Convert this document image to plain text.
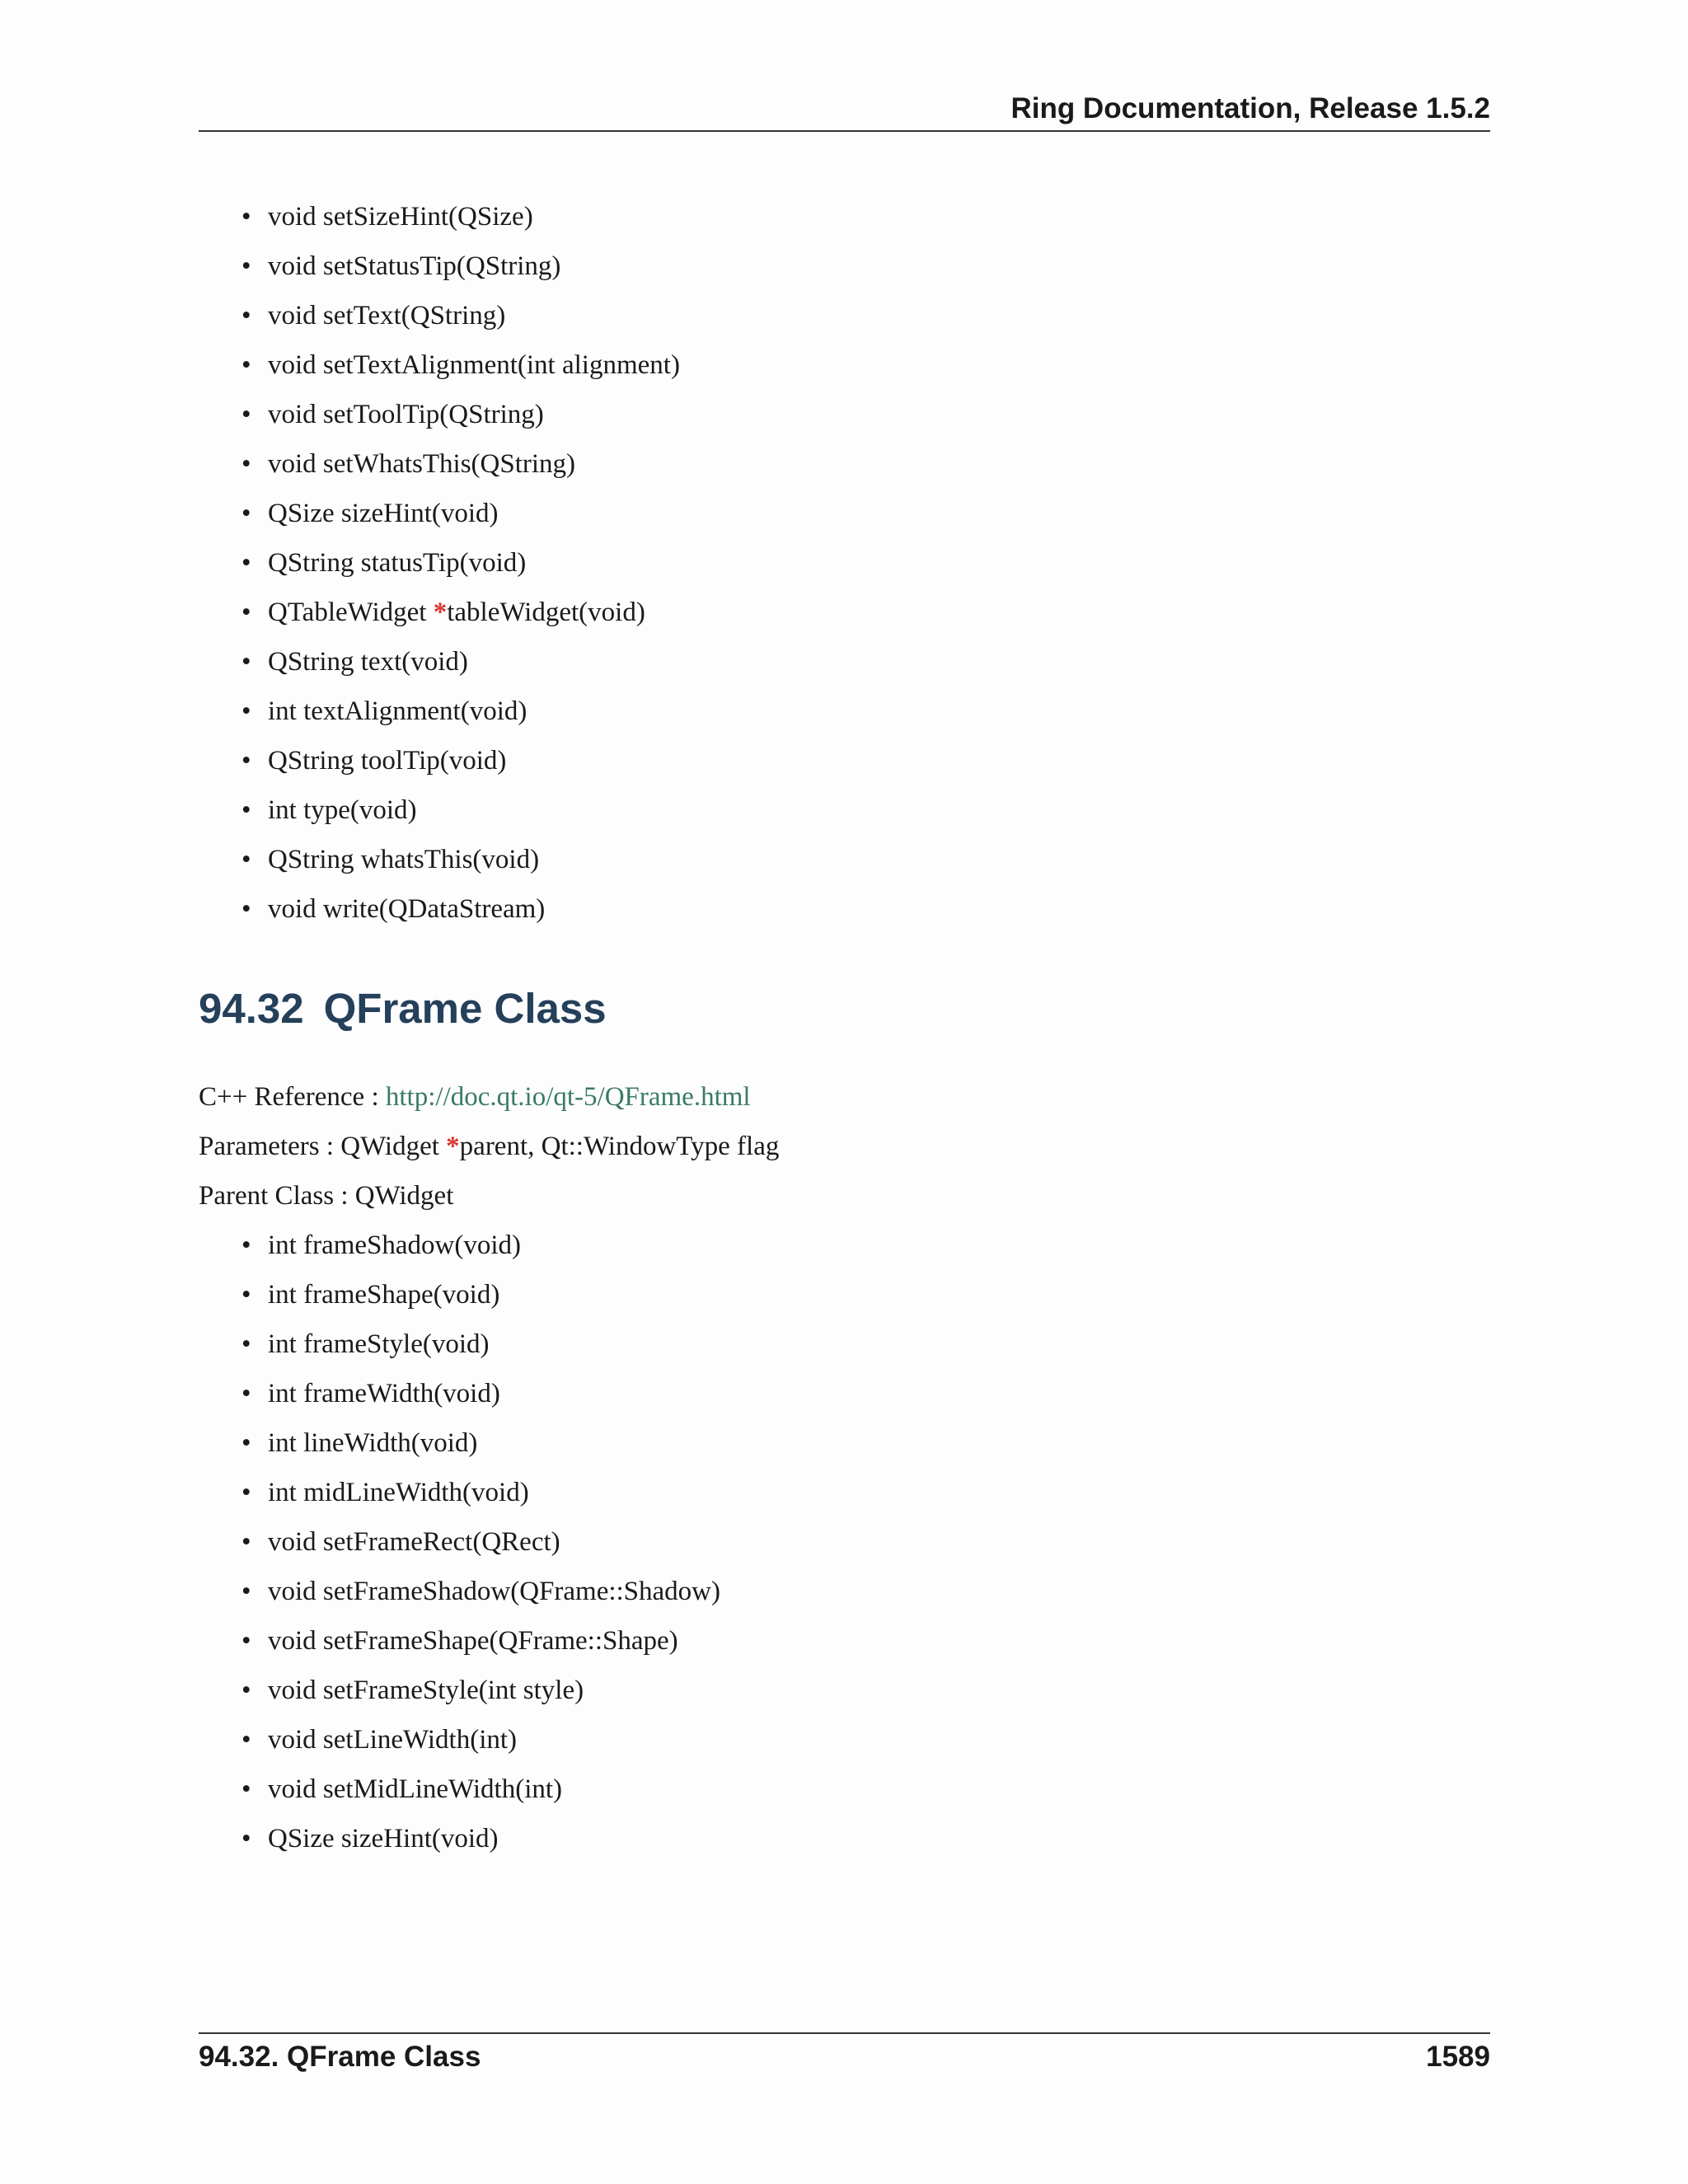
Ring Documentation, Release 1.5.2
• void setSizeHint(QSize)
• void setStatusTip(QString)
• void setText(QString)
• void setTextAlignment(int alignment)
• void setToolTip(QString)
• void setWhatsThis(QString)
• QSize sizeHint(void)
• QString statusTip(void)
• QTableWidget *tableWidget(void)
• QString text(void)
• int textAlignment(void)
• QString toolTip(void)
• int type(void)
• QString whatsThis(void)
• void write(QDataStream)
94.32 QFrame Class
C++ Reference : http://doc.qt.io/qt-5/QFrame.html
Parameters : QWidget *parent, Qt::WindowType flag
Parent Class : QWidget
• int frameShadow(void)
• int frameShape(void)
• int frameStyle(void)
• int frameWidth(void)
• int lineWidth(void)
• int midLineWidth(void)
• void setFrameRect(QRect)
• void setFrameShadow(QFrame::Shadow)
• void setFrameShape(QFrame::Shape)
• void setFrameStyle(int style)
• void setLineWidth(int)
• void setMidLineWidth(int)
• QSize sizeHint(void)
94.32. QFrame Class	1589
